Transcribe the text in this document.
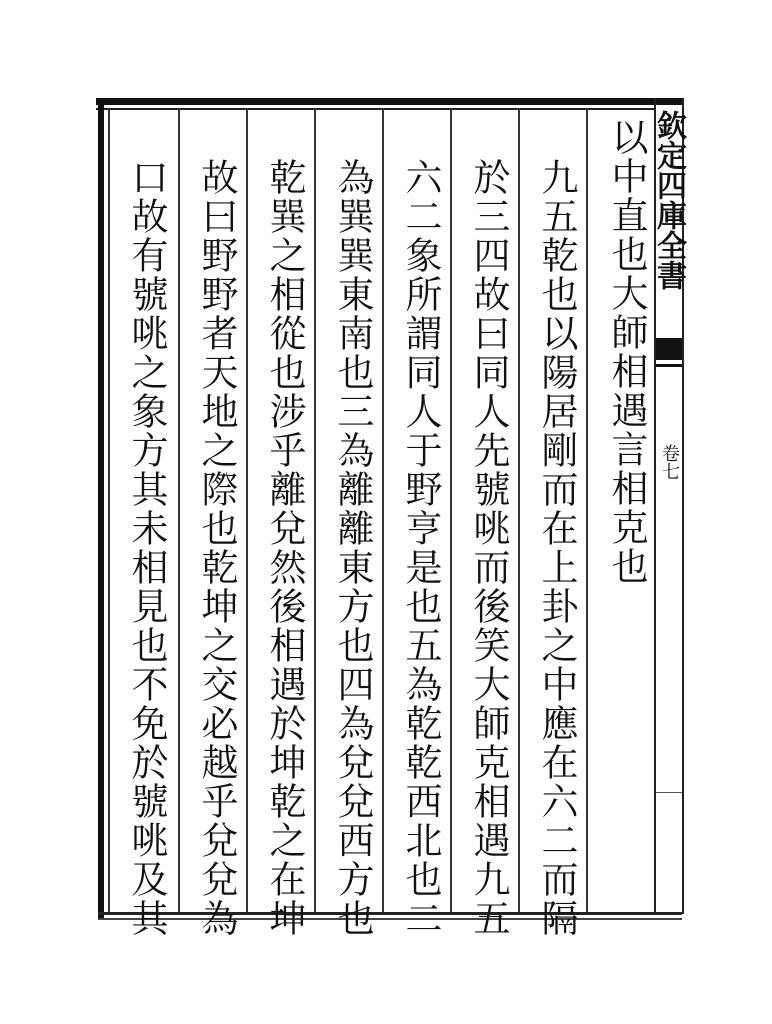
以中直也大師相遇言相克也
九五乾也以陽居剛而在上卦之中應在六二而隔
於三四故曰同人先號咷而後笑大師克相遇九五
六二象所謂同人于野亨是也五為乾乾西北也二
為巽巽東南也三為離離東方也四為兌兌西方也
乾巽之相從也涉乎離兌然後相遇於坤乾之在坤
故曰野野者天地之際也乾坤之交必越乎兌兌為
口故有號咷之象方其未相見也不免於號咷及其	欽定四庫全書
卷七
